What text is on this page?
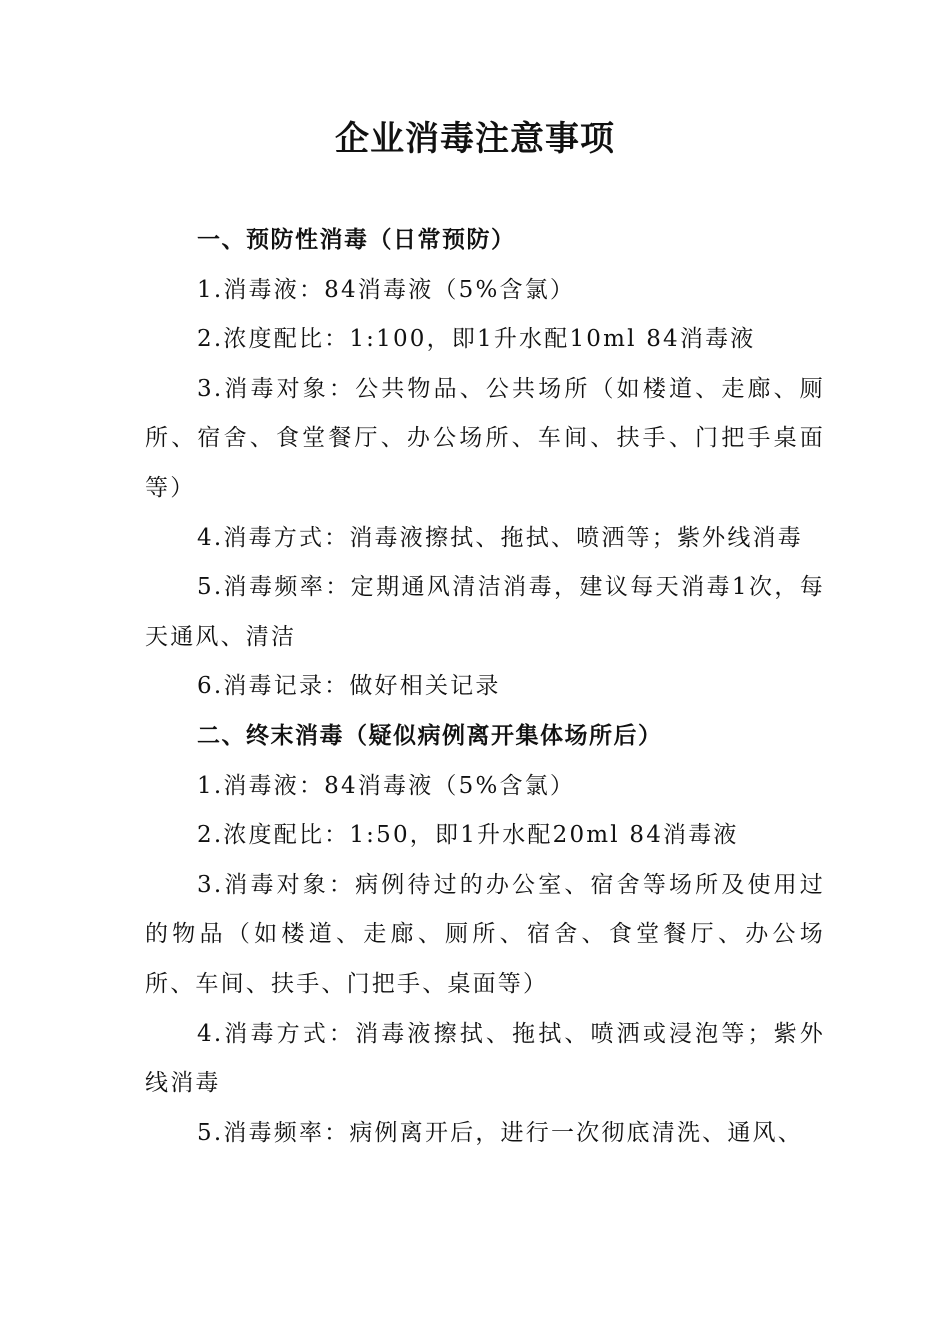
企业消毒注意事项

一、预防性消毒（日常预防）

1.消毒液：84消毒液（5%含氯）

2.浓度配比：1:100，即1升水配10ml 84消毒液

3.消毒对象：公共物品、公共场所（如楼道、走廊、厕所、宿舍、食堂餐厅、办公场所、车间、扶手、门把手桌面等）

4.消毒方式：消毒液擦拭、拖拭、喷洒等；紫外线消毒

5.消毒频率：定期通风清洁消毒，建议每天消毒1次，每天通风、清洁

6.消毒记录：做好相关记录

二、终末消毒（疑似病例离开集体场所后）

1.消毒液：84消毒液（5%含氯）

2.浓度配比：1:50，即1升水配20ml 84消毒液

3.消毒对象：病例待过的办公室、宿舍等场所及使用过的物品（如楼道、走廊、厕所、宿舍、食堂餐厅、办公场所、车间、扶手、门把手、桌面等）

4.消毒方式：消毒液擦拭、拖拭、喷洒或浸泡等；紫外线消毒

5.消毒频率：病例离开后，进行一次彻底清洗、通风、
